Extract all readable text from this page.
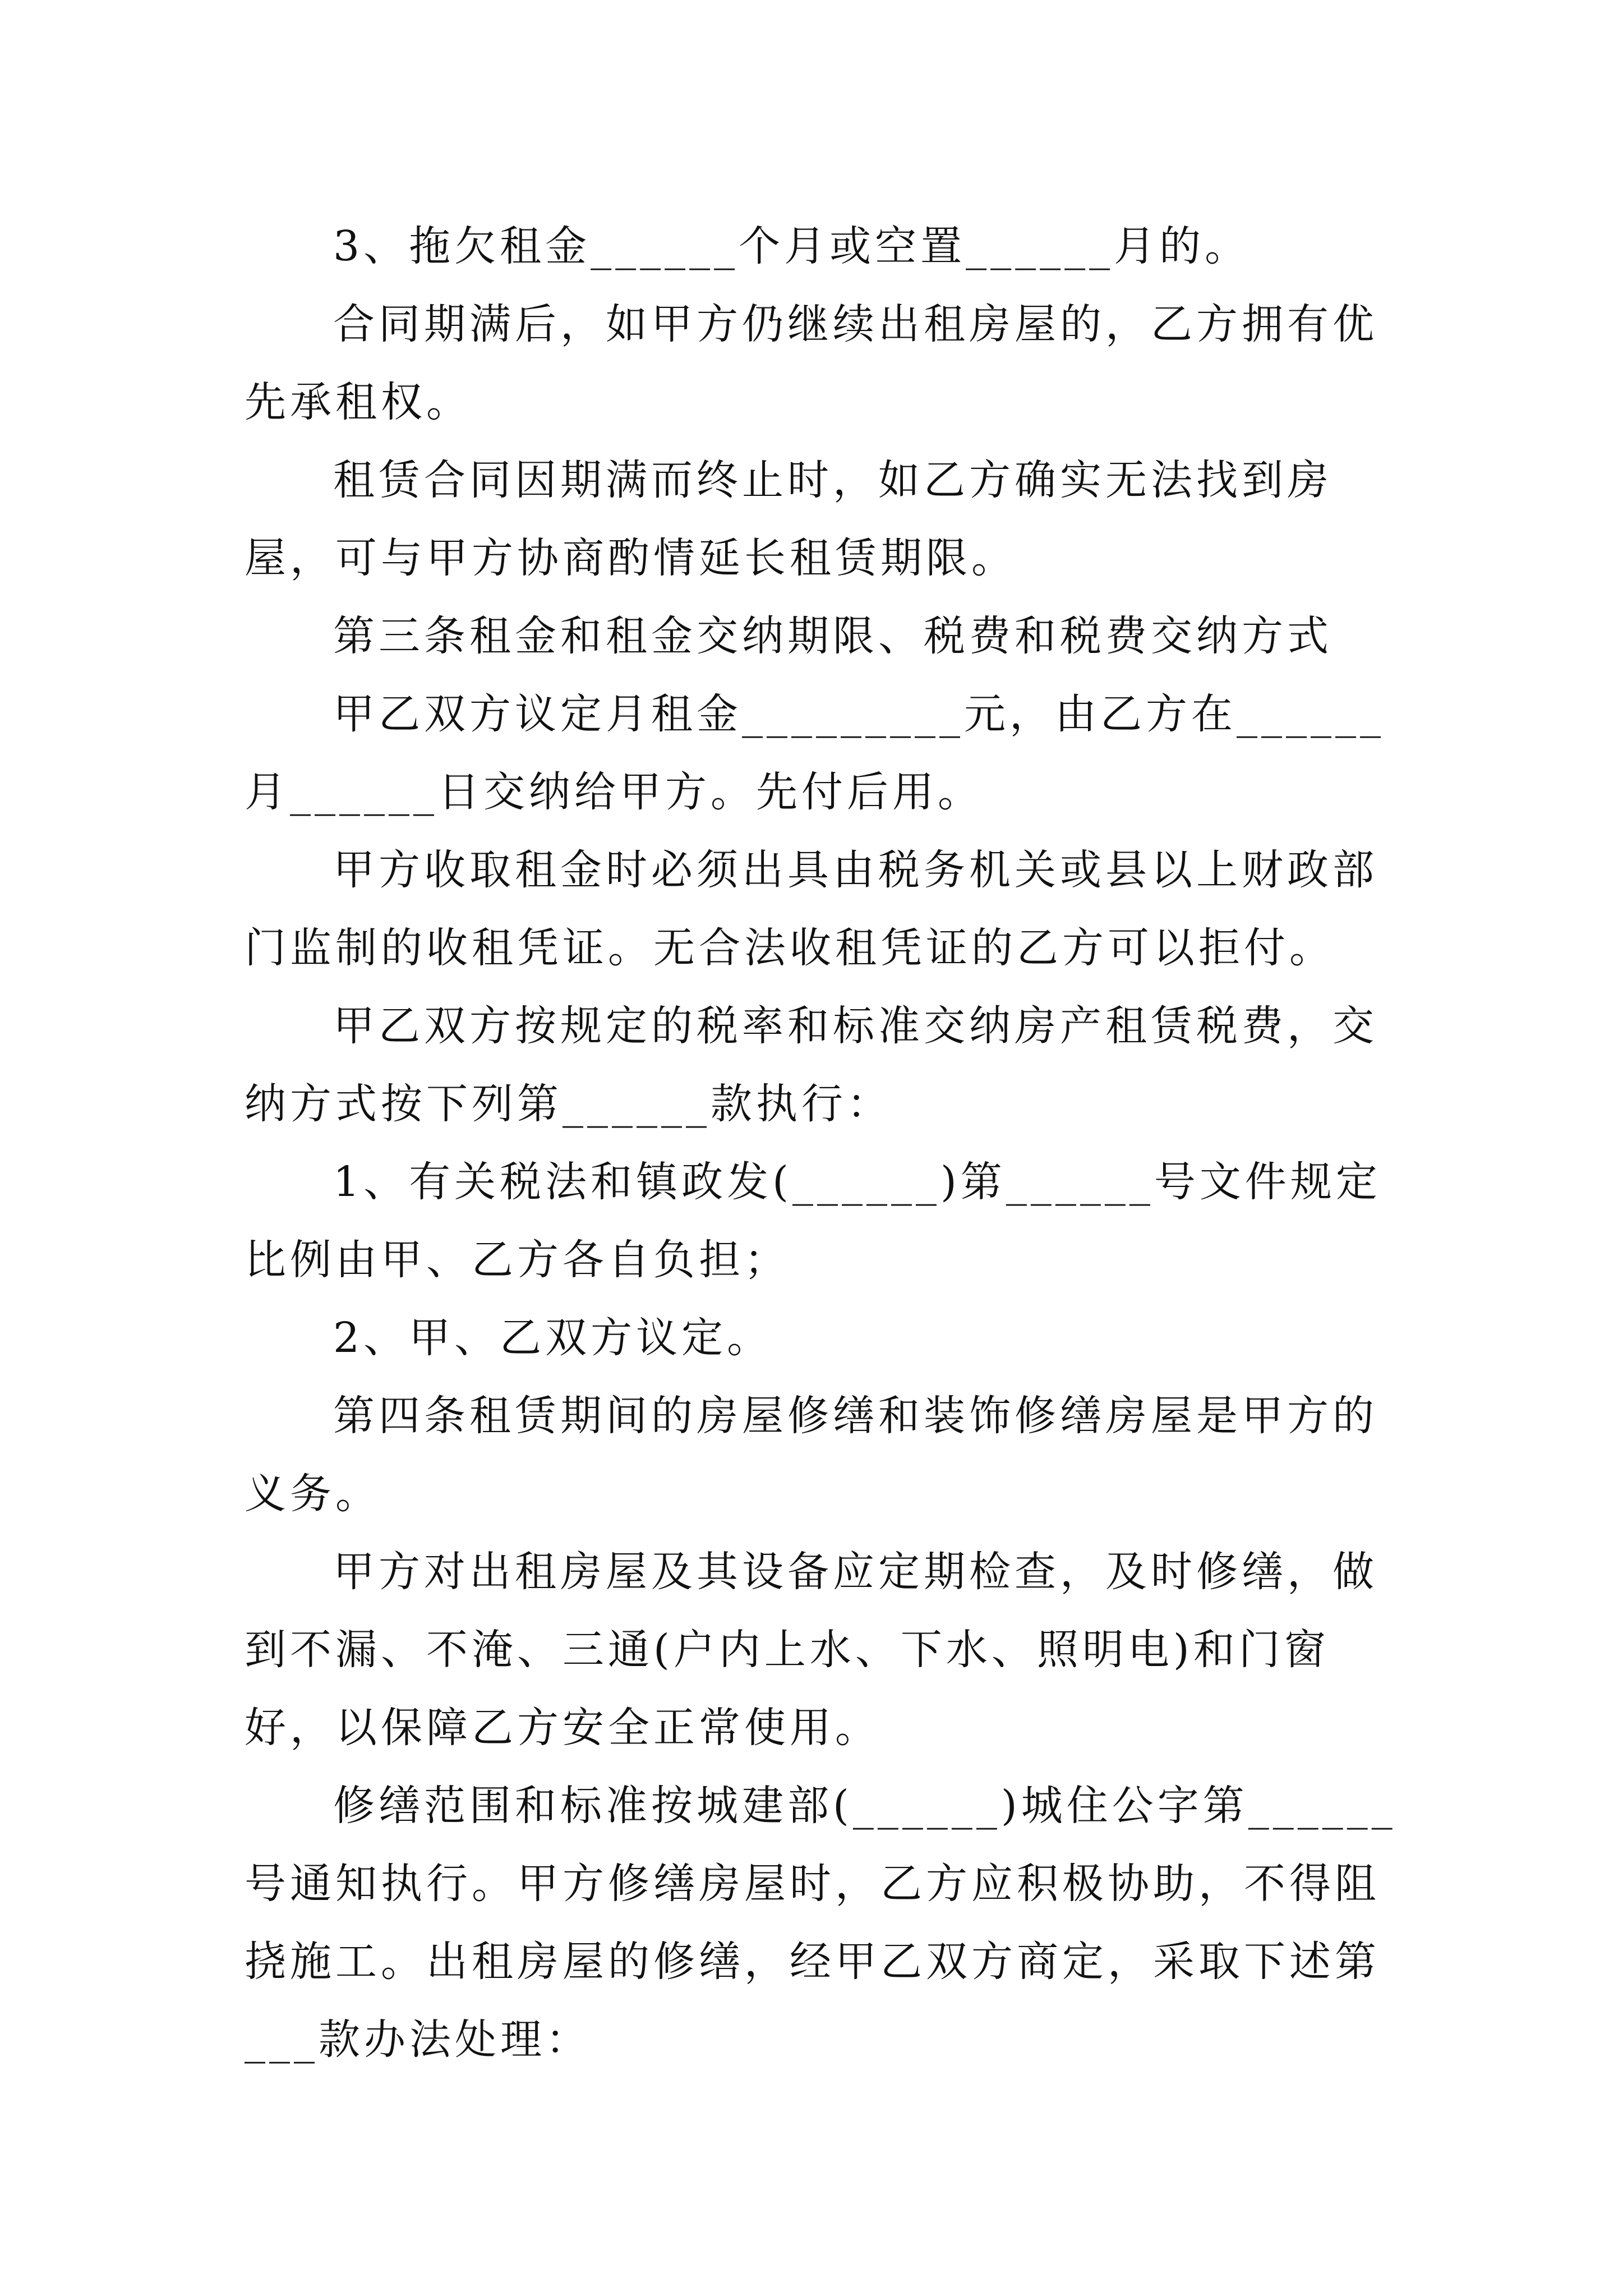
3、拖欠租金______个月或空置______月的。

合同期满后，如甲方仍继续出租房屋的，乙方拥有优先承租权。

租赁合同因期满而终止时，如乙方确实无法找到房屋，可与甲方协商酌情延长租赁期限。

第三条租金和租金交纳期限、税费和税费交纳方式

甲乙双方议定月租金_________元，由乙方在______月______日交纳给甲方。先付后用。

甲方收取租金时必须出具由税务机关或县以上财政部门监制的收租凭证。无合法收租凭证的乙方可以拒付。

甲乙双方按规定的税率和标准交纳房产租赁税费，交纳方式按下列第______款执行：

1、有关税法和镇政发(______)第______号文件规定比例由甲、乙方各自负担；

2、甲、乙双方议定。

第四条租赁期间的房屋修缮和装饰修缮房屋是甲方的义务。

甲方对出租房屋及其设备应定期检查，及时修缮，做到不漏、不淹、三通(户内上水、下水、照明电)和门窗好，以保障乙方安全正常使用。

修缮范围和标准按城建部(______)城住公字第______号通知执行。甲方修缮房屋时，乙方应积极协助，不得阻挠施工。出租房屋的修缮，经甲乙双方商定，采取下述第___款办法处理：
